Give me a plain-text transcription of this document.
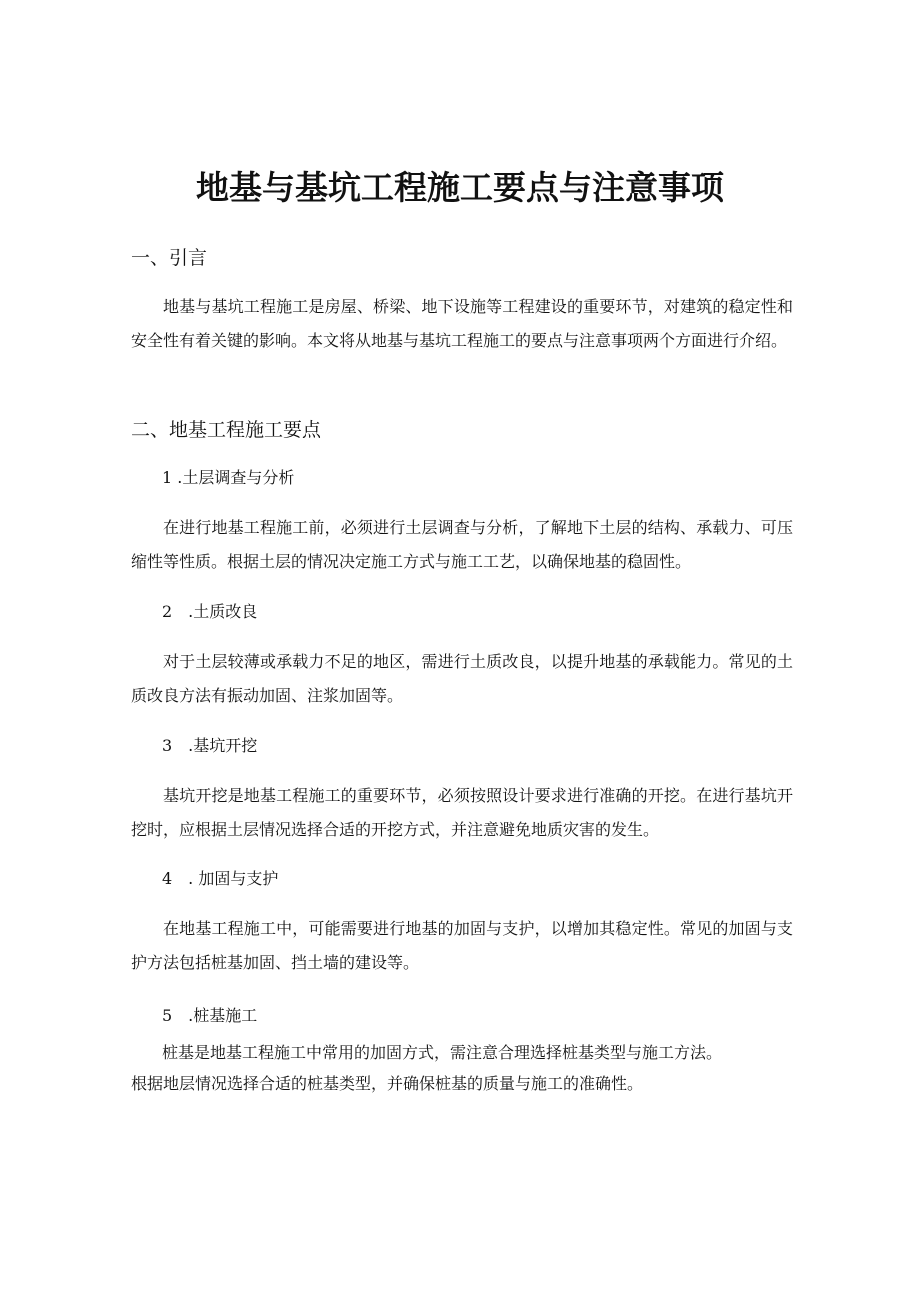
地基与基坑工程施工要点与注意事项
一、引言
地基与基坑工程施工是房屋、桥梁、地下设施等工程建设的重要环节，对建筑的稳定性和安全性有着关键的影响。本文将从地基与基坑工程施工的要点与注意事项两个方面进行介绍。
二、地基工程施工要点
1 .土层调查与分析
在进行地基工程施工前，必须进行土层调查与分析，了解地下土层的结构、承载力、可压缩性等性质。根据土层的情况决定施工方式与施工工艺，以确保地基的稳固性。
2　.土质改良
对于土层较薄或承载力不足的地区，需进行土质改良，以提升地基的承载能力。常见的土质改良方法有振动加固、注浆加固等。
3　.基坑开挖
基坑开挖是地基工程施工的重要环节，必须按照设计要求进行准确的开挖。在进行基坑开挖时，应根据土层情况选择合适的开挖方式，并注意避免地质灾害的发生。
4　. 加固与支护
在地基工程施工中，可能需要进行地基的加固与支护，以增加其稳定性。常见的加固与支护方法包括桩基加固、挡土墙的建设等。
5　.桩基施工
桩基是地基工程施工中常用的加固方式，需注意合理选择桩基类型与施工方法。
根据地层情况选择合适的桩基类型，并确保桩基的质量与施工的准确性。
